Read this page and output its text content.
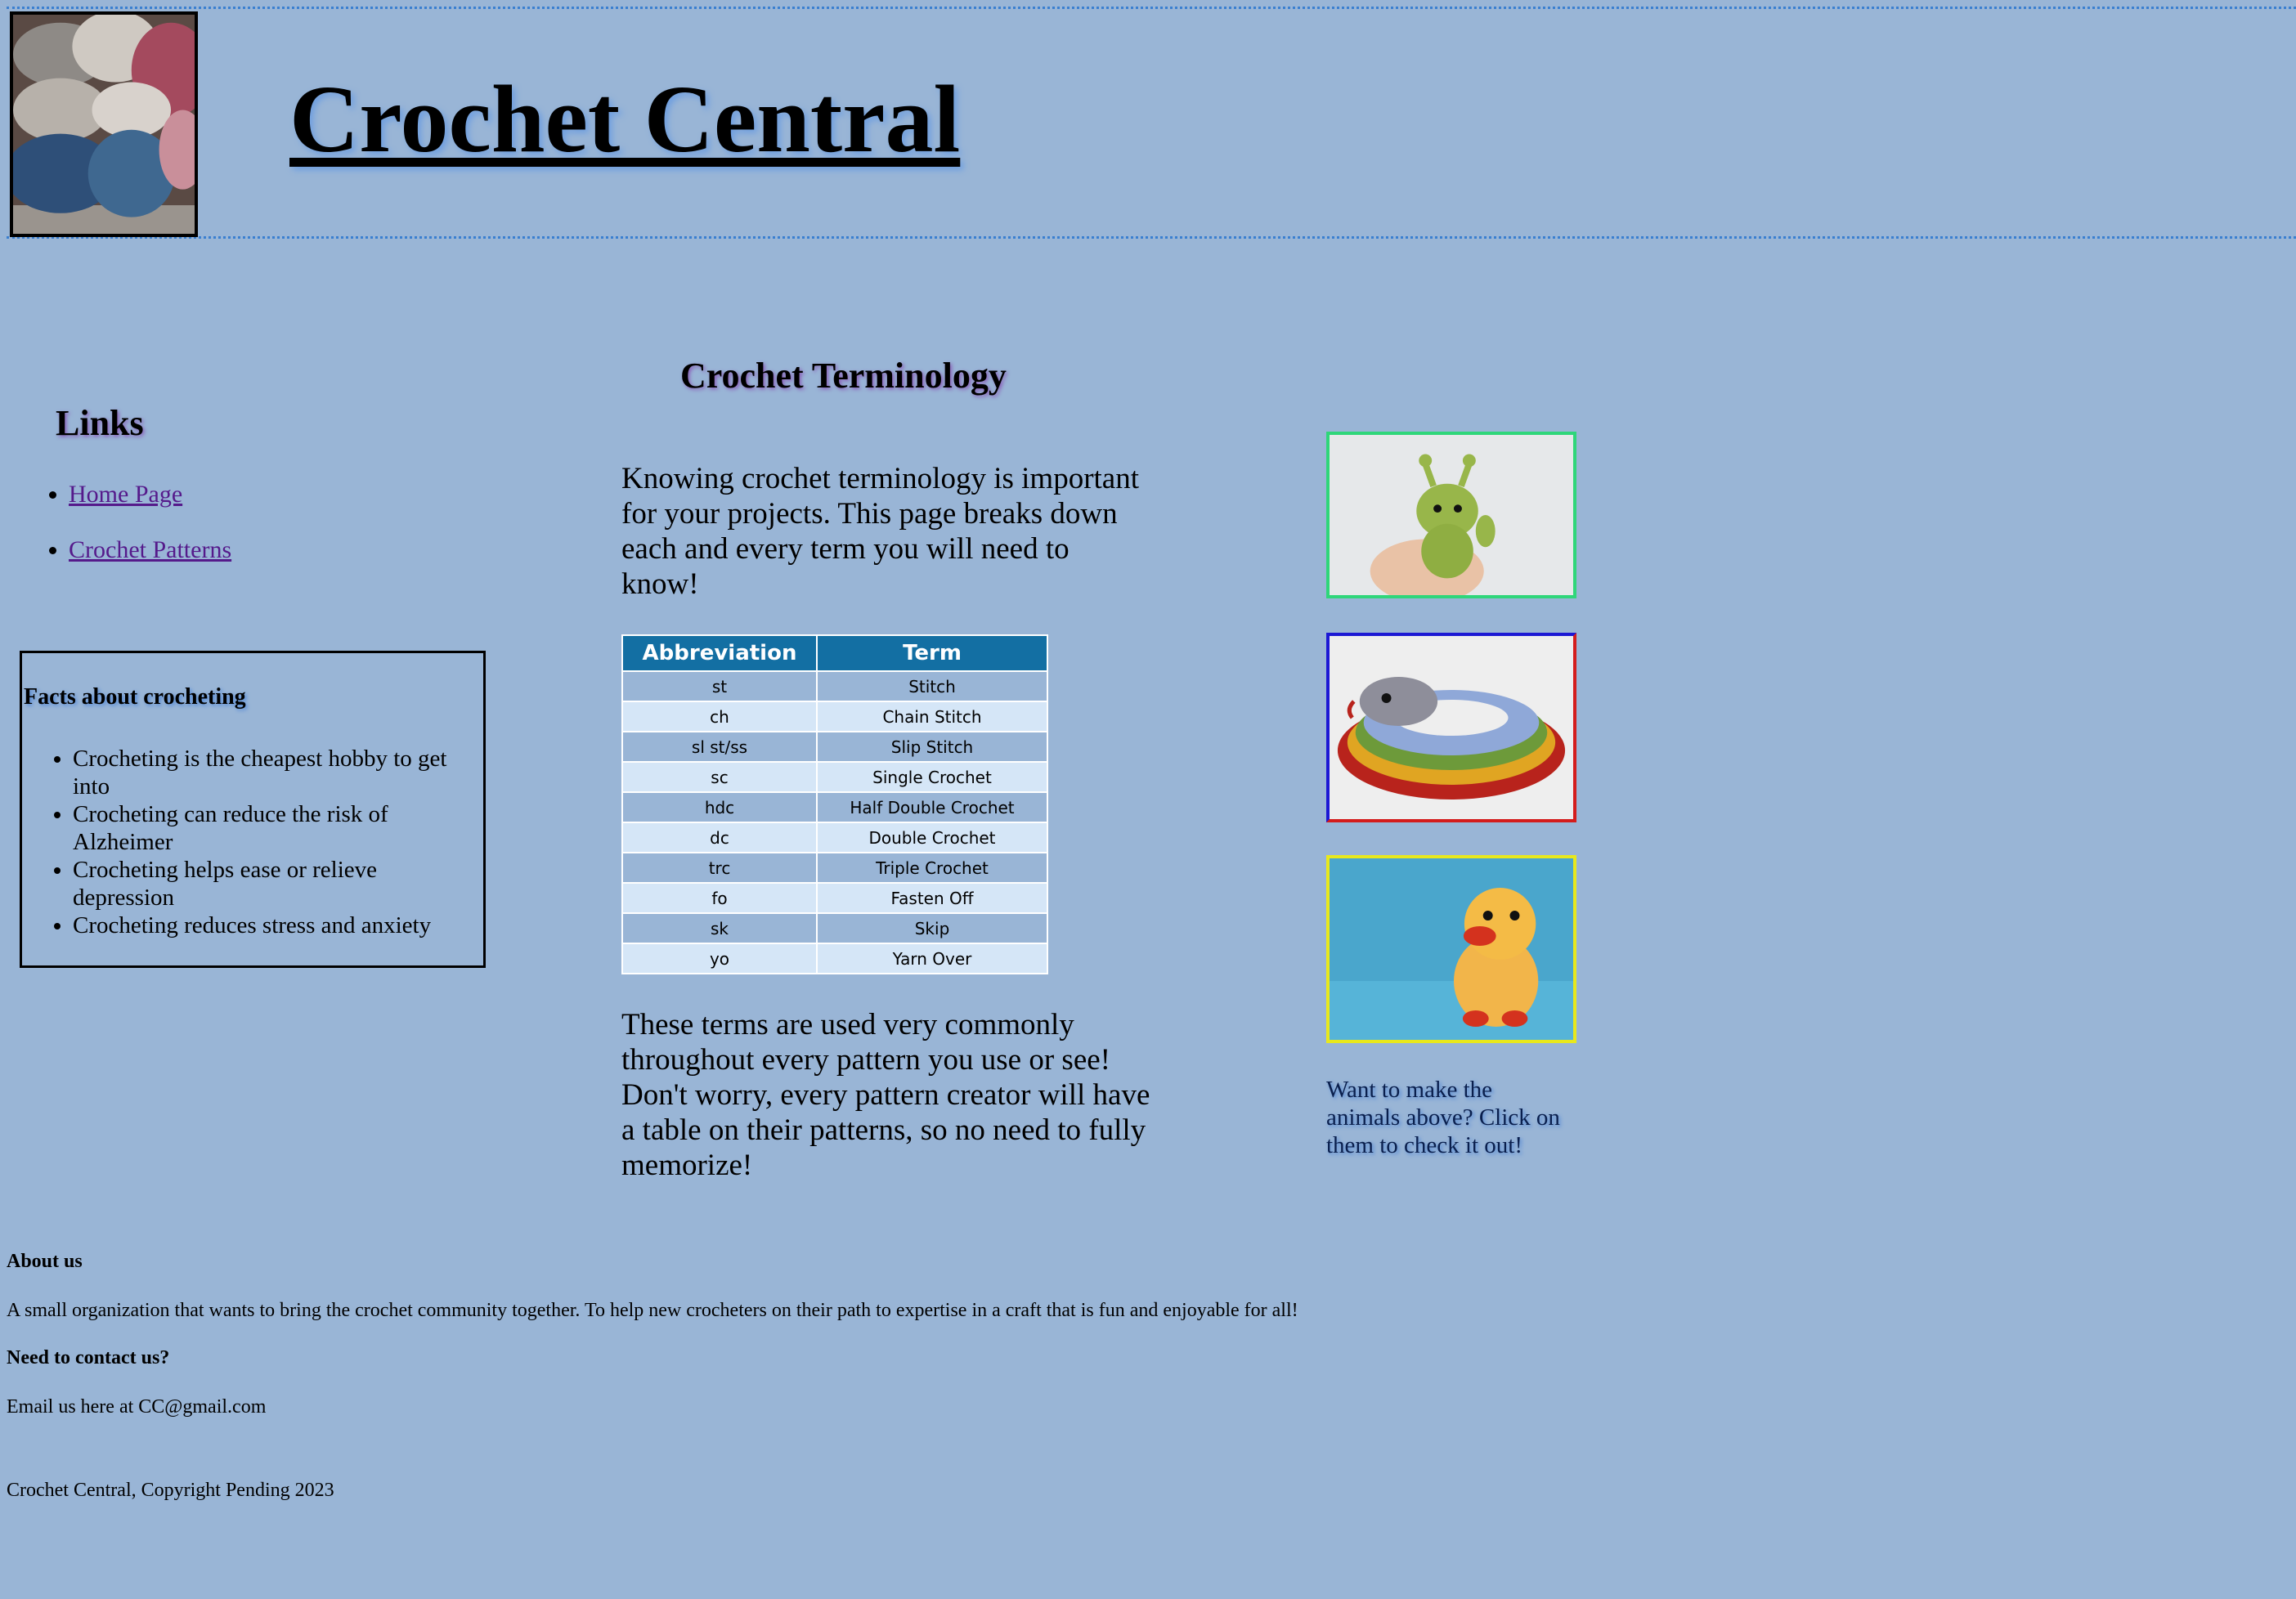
Crochet Central
Links
• Home Page
• Crochet Patterns
Facts about crocheting
• Crocheting is the cheapest hobby to get into
• Crocheting can reduce the risk of Alzheimer
• Crocheting helps ease or relieve depression
• Crocheting reduces stress and anxiety
Crochet Terminology

Knowing crochet terminology is important for your projects. This page breaks down each and every term you will need to know!

Abbreviation	Term
st	Stitch
ch	Chain Stitch
sl st/ss	Slip Stitch
sc	Single Crochet
hdc	Half Double Crochet
dc	Double Crochet
trc	Triple Crochet
fo	Fasten Off
sk	Skip
yo	Yarn Over

These terms are used very commonly throughout every pattern you use or see! Don't worry, every pattern creator will have a table on their patterns, so no need to fully memorize!

Want to make the animals above? Click on them to check it out!

About us

A small organization that wants to bring the crochet community together. To help new crocheters on their path to expertise in a craft that is fun and enjoyable for all!

Need to contact us?

Email us here at CC@gmail.com

Crochet Central, Copyright Pending 2023
